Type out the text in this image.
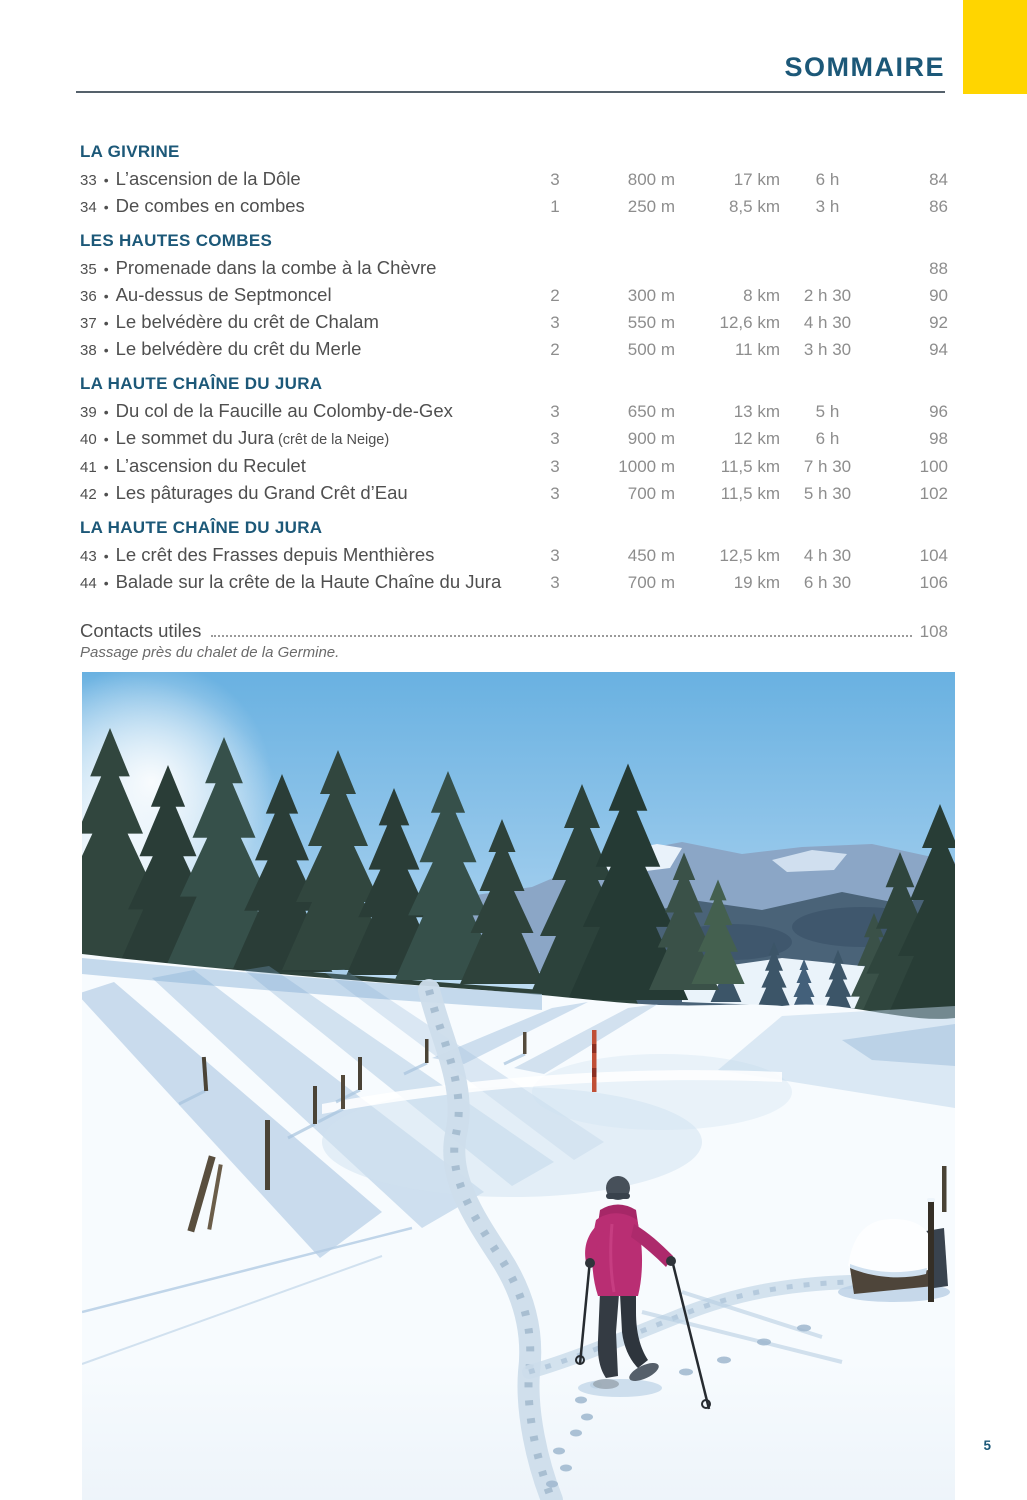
SOMMAIRE
LA GIVRINE
33 • L’ascension de la Dôle	3	800 m	17 km	6 h	84
34 • De combes en combes	1	250 m	8,5 km	3 h	86
LES HAUTES COMBES
35 • Promenade dans la combe à la Chèvre	88
36 • Au-dessus de Septmoncel	2	300 m	8 km	2 h 30	90
37 • Le belvédère du crêt de Chalam	3	550 m	12,6 km	4 h 30	92
38 • Le belvédère du crêt du Merle	2	500 m	11 km	3 h 30	94
LA HAUTE CHAÎNE DU JURA
39 • Du col de la Faucille au Colomby-de-Gex	3	650 m	13 km	5 h	96
40 • Le sommet du Jura (crêt de la Neige)	3	900 m	12 km	6 h	98
41 • L’ascension du Reculet	3	1000 m	11,5 km	7 h 30	100
42 • Les pâturages du Grand Crêt d’Eau	3	700 m	11,5 km	5 h 30	102
LA HAUTE CHAÎNE DU JURA
43 • Le crêt des Frasses depuis Menthières	3	450 m	12,5 km	4 h 30	104
44 • Balade sur la crête de la Haute Chaîne du Jura	3	700 m	19 km	6 h 30	106
Contacts utiles	108
Passage près du chalet de la Germine.
5
